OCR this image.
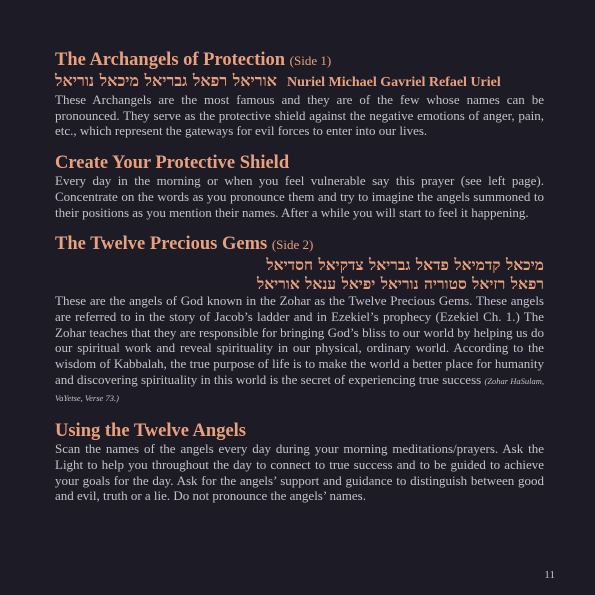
The Archangels of Protection (Side 1)
אוריאל רפאל גבריאל מיכאל נוריאל Nuriel Michael Gavriel Refael Uriel

These Archangels are the most famous and they are of the few whose names can be pronounced. They serve as the protective shield against the negative emotions of anger, pain, etc., which represent the gateways for evil forces to enter into our lives.

Create Your Protective Shield

Every day in the morning or when you feel vulnerable say this prayer (see left page). Concentrate on the words as you pronounce them and try to imagine the angels summoned to their positions as you mention their names. After a while you will start to feel it happening.

The Twelve Precious Gems (Side 2)
מיכאל קדמיאל פדאל גבריאל צדקיאל חסדיאל
רפאל רזיאל סטוריה נוריאל יפיאל ענאל אוריאל

These are the angels of God known in the Zohar as the Twelve Precious Gems. These angels are referred to in the story of Jacob’s ladder and in Ezekiel’s prophecy (Ezekiel Ch. 1.) The Zohar teaches that they are responsible for bringing God’s bliss to our world by helping us do our spiritual work and reveal spirituality in our physical, ordinary world. According to the wisdom of Kabbalah, the true purpose of life is to make the world a better place for humanity and discovering spirituality in this world is the secret of experiencing true success (Zohar HaSulam, VaYetse, Verse 73.)

Using the Twelve Angels

Scan the names of the angels every day during your morning meditations/prayers. Ask the Light to help you throughout the day to connect to true success and to be guided to achieve your goals for the day. Ask for the angels’ support and guidance to distinguish between good and evil, truth or a lie. Do not pronounce the angels’ names.

11
